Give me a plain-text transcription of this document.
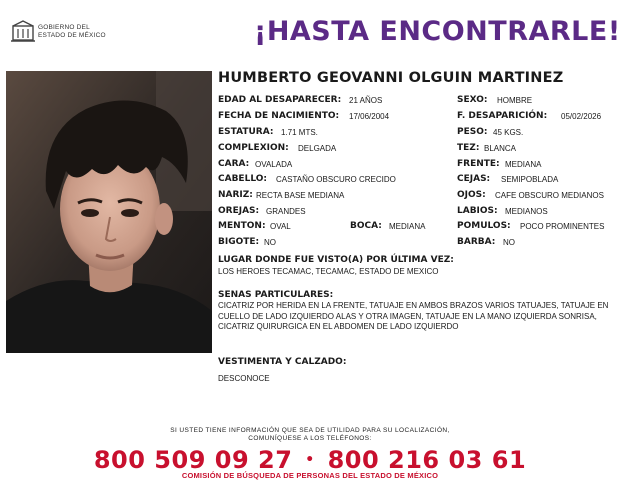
GOBIERNO DEL
ESTADO DE MÉXICO	¡HASTA ENCONTRARLE!
HUMBERTO GEOVANNI OLGUIN MARTINEZ
EDAD AL DESAPARECER: 21 AÑOS
FECHA DE NACIMIENTO: 17/06/2004
ESTATURA: 1.71 MTS.
COMPLEXION: DELGADA
CARA: OVALADA
CABELLO: CASTAÑO OBSCURO CRECIDO
NARIZ: RECTA BASE MEDIANA
OREJAS: GRANDES
MENTON: OVAL	BOCA: MEDIANA
BIGOTE: NO
SEXO: HOMBRE
F. DESAPARICIÓN: 05/02/2026
PESO: 45 KGS.
TEZ: BLANCA
FRENTE: MEDIANA
CEJAS: SEMIPOBLADA
OJOS: CAFE OBSCURO MEDIANOS
LABIOS: MEDIANOS
POMULOS: POCO PROMINENTES
BARBA: NO
LUGAR DONDE FUE VISTO(A) POR ÚLTIMA VEZ:
LOS HEROES TECAMAC, TECAMAC, ESTADO DE MEXICO
SENAS PARTICULARES:
CICATRIZ POR HERIDA EN LA FRENTE, TATUAJE EN AMBOS BRAZOS VARIOS TATUAJES, TATUAJE EN CUELLO DE LADO IZQUIERDO ALAS Y OTRA IMAGEN, TATUAJE EN LA MANO IZQUIERDA SONRISA, CICATRIZ QUIRURGICA EN EL ABDOMEN DE LADO IZQUIERDO
VESTIMENTA Y CALZADO:
DESCONOCE
SI USTED TIENE INFORMACIÓN QUE SEA DE UTILIDAD PARA SU LOCALIZACIÓN,
COMUNÍQUESE A LOS TELÉFONOS:
800 509 09 27 • 800 216 03 61
COMISIÓN DE BÚSQUEDA DE PERSONAS DEL ESTADO DE MÉXICO
